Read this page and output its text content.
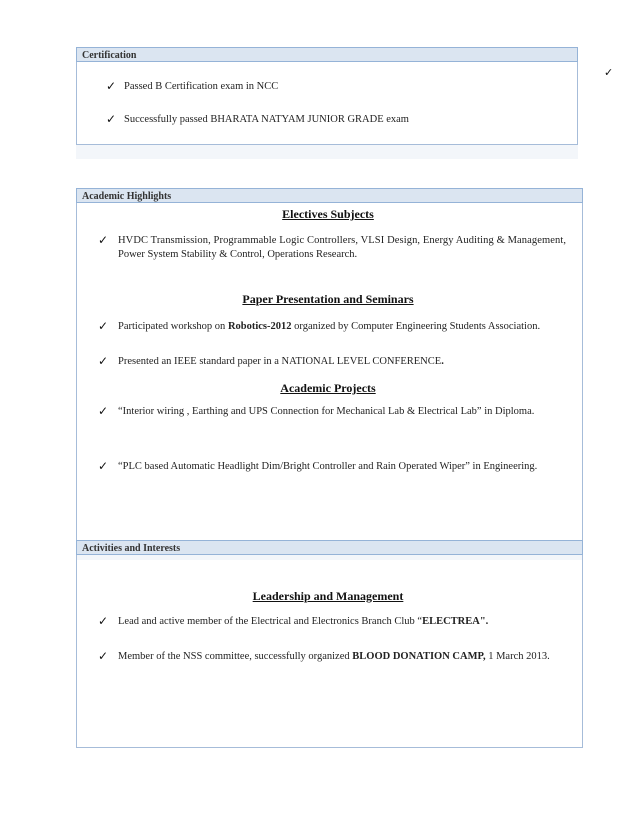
Certification
✓ Passed B Certification exam in NCC
✓ Successfully passed BHARATA NATYAM JUNIOR GRADE exam
✓
Academic Highlights
Electives Subjects
✓ HVDC Transmission, Programmable Logic Controllers, VLSI Design, Energy Auditing & Management,
Power System Stability & Control, Operations Research.
Paper Presentation and Seminars
✓ Participated workshop on Robotics-2012 organized by Computer Engineering Students Association.
✓ Presented an IEEE standard paper in a NATIONAL LEVEL CONFERENCE.
Academic Projects
✓ “Interior wiring , Earthing and UPS Connection for Mechanical Lab & Electrical Lab” in Diploma.
✓ “PLC based Automatic Headlight Dim/Bright Controller and Rain Operated Wiper” in Engineering.
Activities and Interests
Leadership and Management
✓ Lead and active member of the Electrical and Electronics Branch Club “ELECTREA".
✓ Member of the NSS committee, successfully organized BLOOD DONATION CAMP, 1 March 2013.
